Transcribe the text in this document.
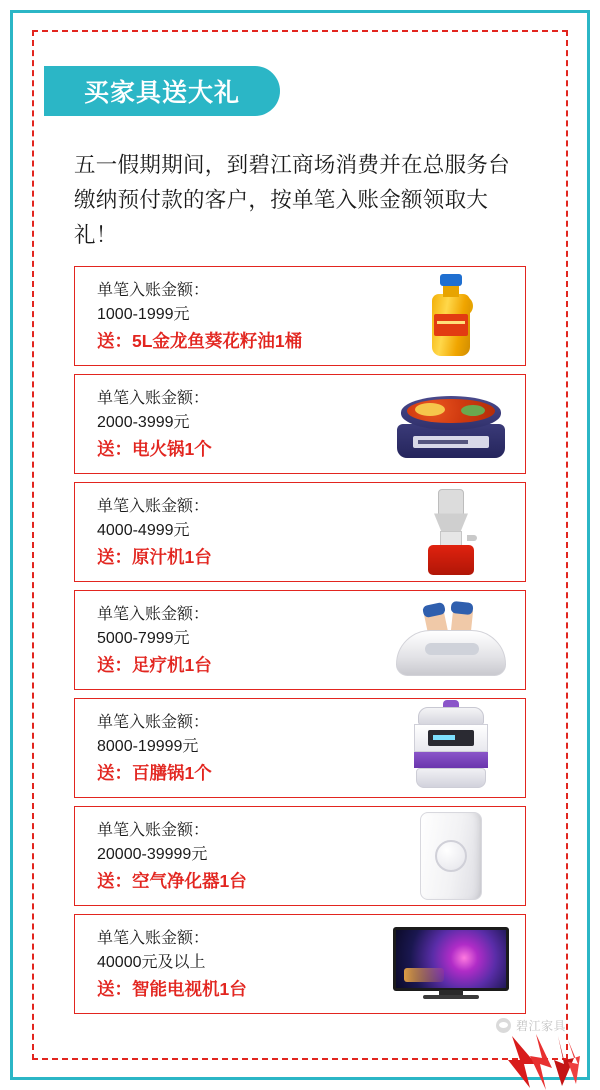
买家具送大礼

五一假期期间，到碧江商场消费并在总服务台缴纳预付款的客户，按单笔入账金额领取大礼！

单笔入账金额：
1000-1999元
送：5L金龙鱼葵花籽油1桶
单笔入账金额：
2000-3999元
送：电火锅1个
单笔入账金额：
4000-4999元
送：原汁机1台
单笔入账金额：
5000-7999元
送：足疗机1台
单笔入账金额：
8000-19999元
送：百膳锅1个
单笔入账金额：
20000-39999元
送：空气净化器1台
单笔入账金额：
40000元及以上
送：智能电视机1台
碧江家具
